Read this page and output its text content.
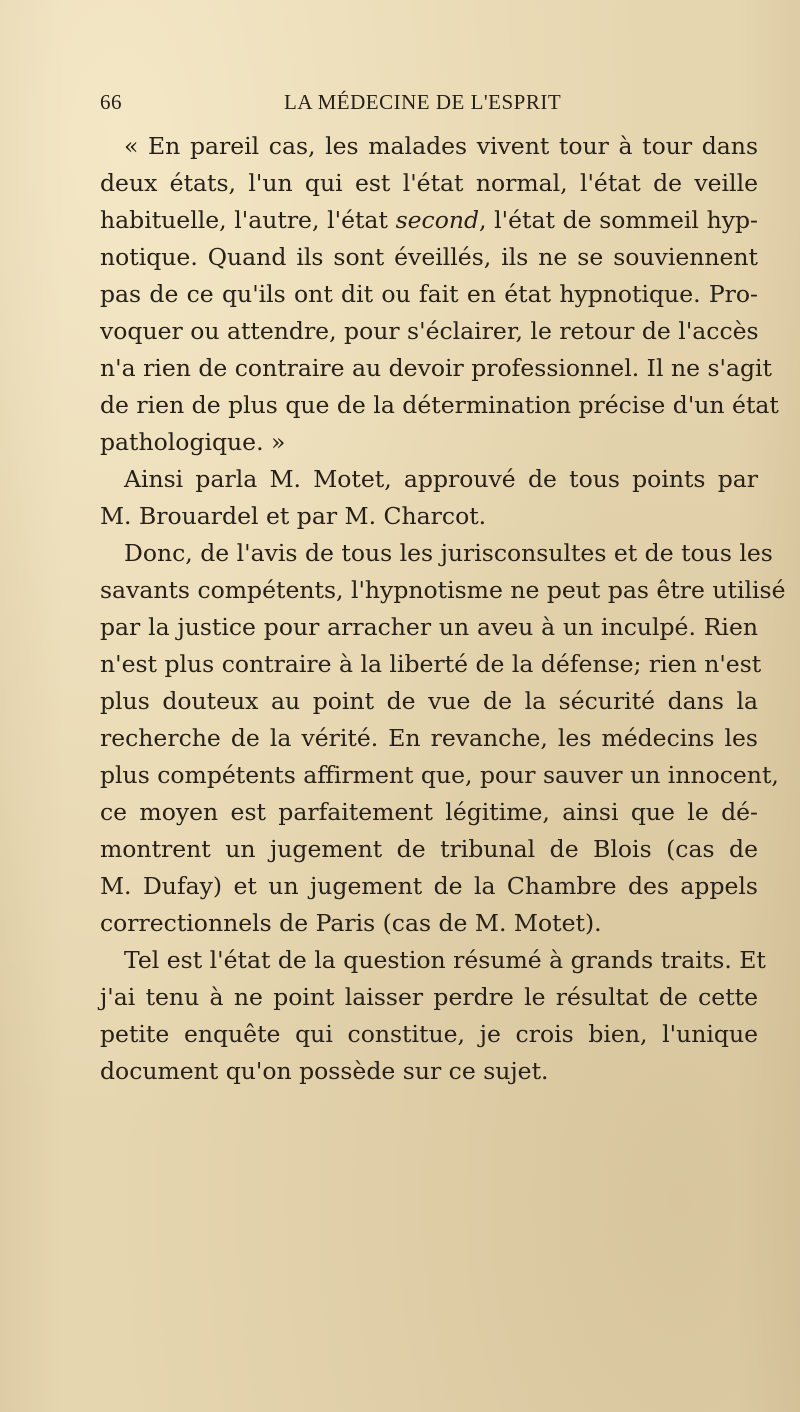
66	LA MÉDECINE DE L'ESPRIT
« En pareil cas, les malades vivent tour à tour dans
deux états, l'un qui est l'état normal, l'état de veille
habituelle, l'autre, l'état second, l'état de sommeil hyp-
notique. Quand ils sont éveillés, ils ne se souviennent
pas de ce qu'ils ont dit ou fait en état hypnotique. Pro-
voquer ou attendre, pour s'éclairer, le retour de l'accès
n'a rien de contraire au devoir professionnel. Il ne s'agit
de rien de plus que de la détermination précise d'un état
pathologique. »
Ainsi parla M. Motet, approuvé de tous points par
M. Brouardel et par M. Charcot.
Donc, de l'avis de tous les jurisconsultes et de tous les
savants compétents, l'hypnotisme ne peut pas être utilisé
par la justice pour arracher un aveu à un inculpé. Rien
n'est plus contraire à la liberté de la défense; rien n'est
plus douteux au point de vue de la sécurité dans la
recherche de la vérité. En revanche, les médecins les
plus compétents affirment que, pour sauver un innocent,
ce moyen est parfaitement légitime, ainsi que le dé-
montrent un jugement de tribunal de Blois (cas de
M. Dufay) et un jugement de la Chambre des appels
correctionnels de Paris (cas de M. Motet).
Tel est l'état de la question résumé à grands traits. Et
j'ai tenu à ne point laisser perdre le résultat de cette
petite enquête qui constitue, je crois bien, l'unique
document qu'on possède sur ce sujet.
